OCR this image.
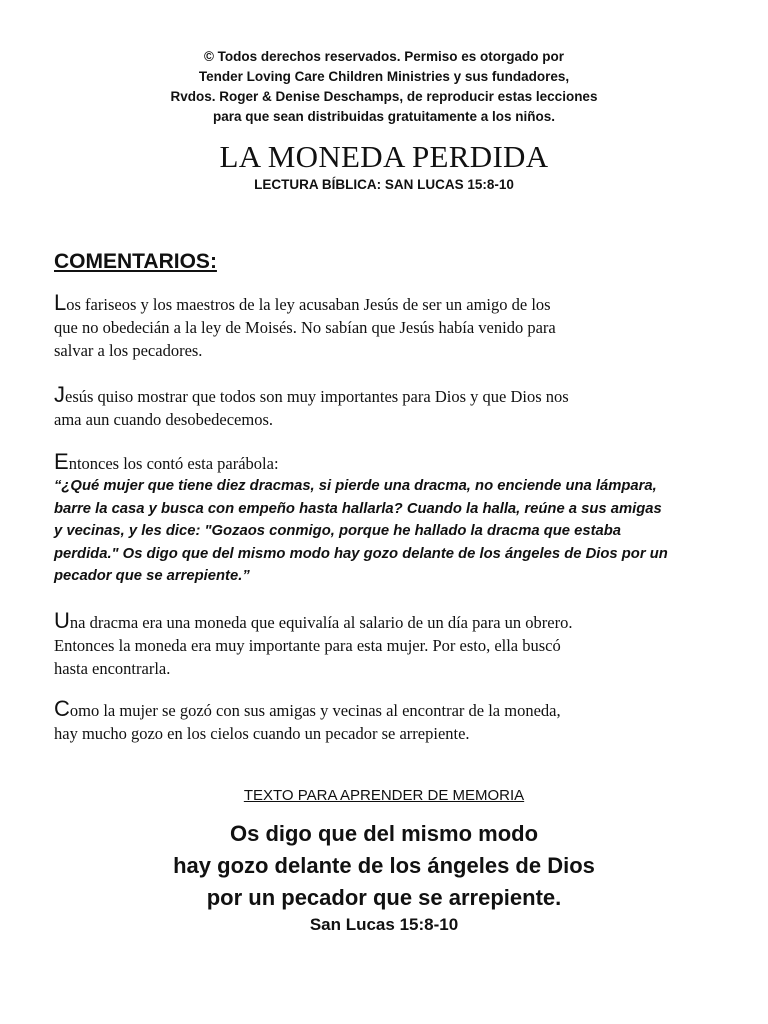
© Todos derechos reservados. Permiso es otorgado por
Tender Loving Care Children Ministries y sus fundadores,
Rvdos. Roger & Denise Deschamps, de reproducir estas lecciones
para que sean distribuidas gratuitamente a los niños.
LA MONEDA PERDIDA
LECTURA BÍBLICA: SAN LUCAS 15:8-10
COMENTARIOS:
Los fariseos y los maestros de la ley acusaban Jesús de ser un amigo de los
que no obedecián a la ley de Moisés. No sabían que Jesús había venido para
salvar a los pecadores.
Jesús quiso mostrar que todos son muy importantes para Dios y que Dios nos
ama aun cuando desobedecemos.
Entonces los contó esta parábola:
“¿Qué mujer que tiene diez dracmas, si pierde una dracma, no enciende una lámpara,
barre la casa y busca con empeño hasta hallarla? Cuando la halla, reúne a sus amigas
y vecinas, y les dice: "Gozaos conmigo, porque he hallado la dracma que estaba
perdida." Os digo que del mismo modo hay gozo delante de los ángeles de Dios por un
pecador que se arrepiente.”
Una dracma era una moneda que equivalía al salario de un día para un obrero.
Entonces la moneda era muy importante para esta mujer. Por esto, ella buscó
hasta encontrarla.
Como la mujer se gozó con sus amigas y vecinas al encontrar de la moneda,
hay mucho gozo en los cielos cuando un pecador se arrepiente.
TEXTO PARA APRENDER DE MEMORIA
Os digo que del mismo modo
hay gozo delante de los ángeles de Dios
por un pecador que se arrepiente.
San Lucas 15:8-10
